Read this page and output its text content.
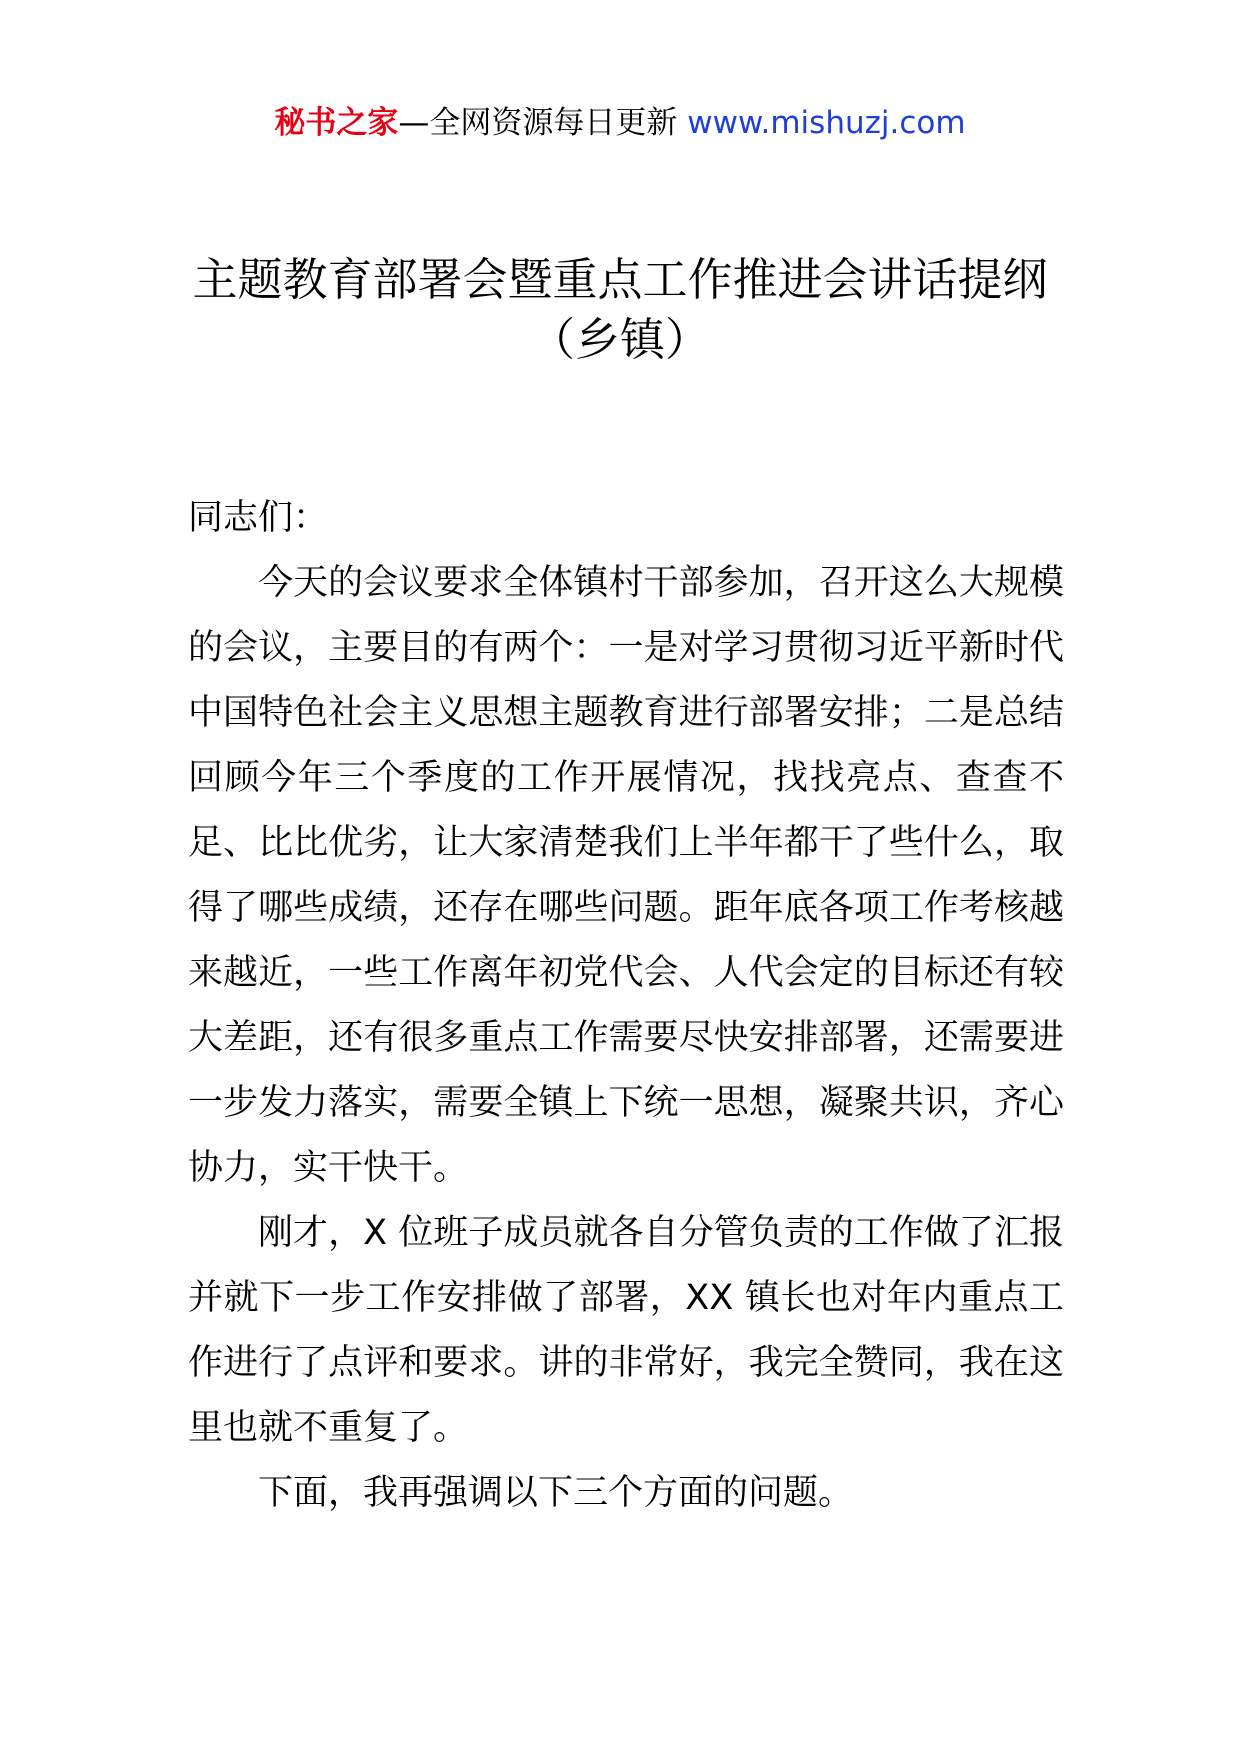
秘书之家—全网资源每日更新 www.mishuzj.com
主题教育部署会暨重点工作推进会讲话提纲
（乡镇）

同志们：

今天的会议要求全体镇村干部参加，召开这么大规模的会议，主要目的有两个：一是对学习贯彻习近平新时代中国特色社会主义思想主题教育进行部署安排；二是总结回顾今年三个季度的工作开展情况，找找亮点、查查不足、比比优劣，让大家清楚我们上半年都干了些什么，取得了哪些成绩，还存在哪些问题。距年底各项工作考核越来越近，一些工作离年初党代会、人代会定的目标还有较大差距，还有很多重点工作需要尽快安排部署，还需要进一步发力落实，需要全镇上下统一思想，凝聚共识，齐心协力，实干快干。

刚才，X 位班子成员就各自分管负责的工作做了汇报并就下一步工作安排做了部署，XX 镇长也对年内重点工作进行了点评和要求。讲的非常好，我完全赞同，我在这里也就不重复了。

下面，我再强调以下三个方面的问题。
